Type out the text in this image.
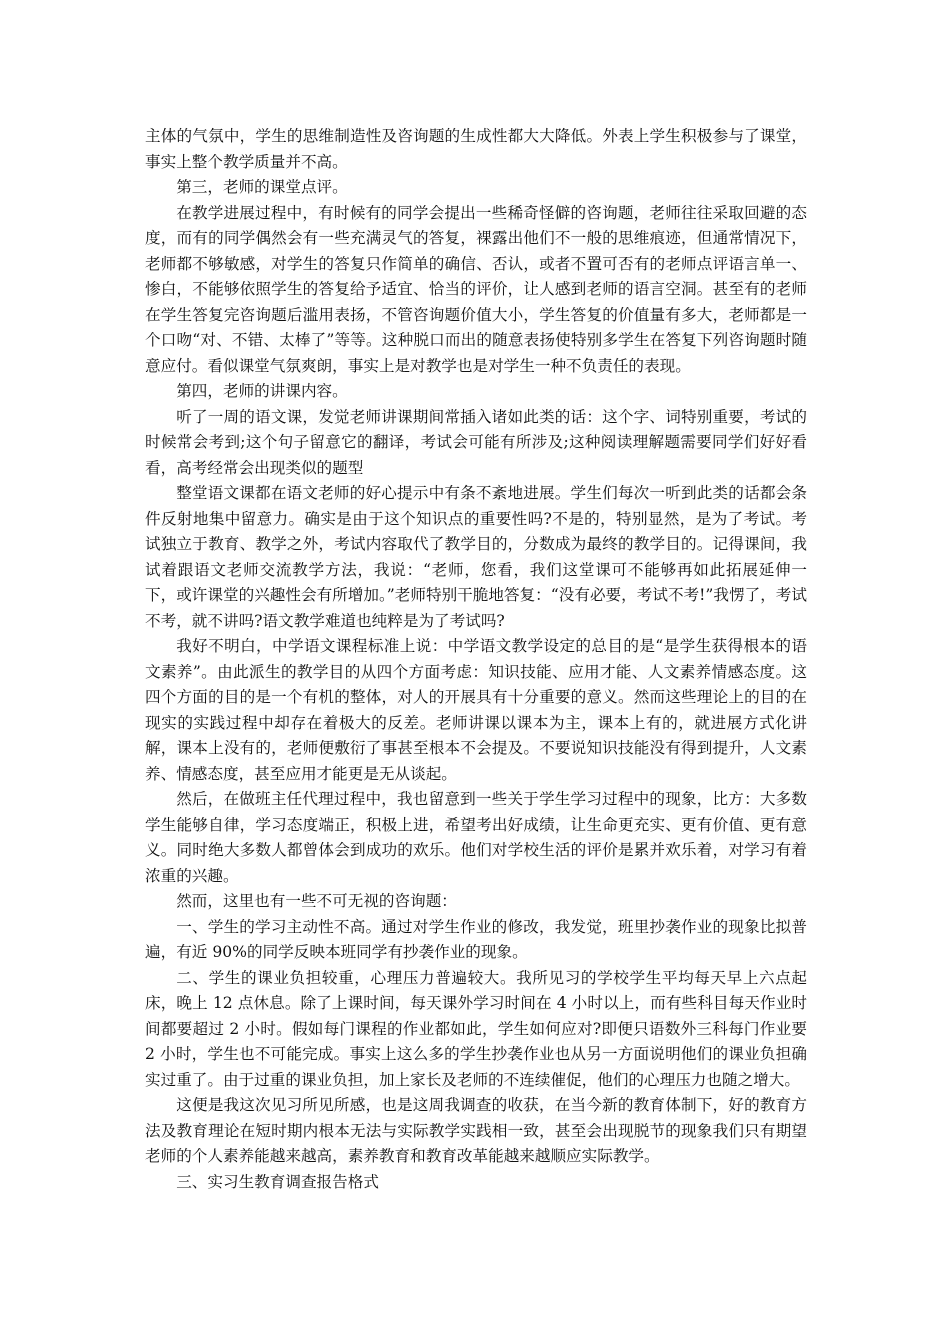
主体的气氛中，学生的思维制造性及咨询题的生成性都大大降低。外表上学生积极参与了课堂，事实上整个教学质量并不高。

第三，老师的课堂点评。

在教学进展过程中，有时候有的同学会提出一些稀奇怪僻的咨询题，老师往往采取回避的态度，而有的同学偶然会有一些充满灵气的答复，裸露出他们不一般的思维痕迹，但通常情况下，老师都不够敏感，对学生的答复只作简单的确信、否认，或者不置可否有的老师点评语言单一、惨白，不能够依照学生的答复给予适宜、恰当的评价，让人感到老师的语言空洞。甚至有的老师在学生答复完咨询题后滥用表扬，不管咨询题价值大小，学生答复的价值量有多大，老师都是一个口吻“对、不错、太棒了”等等。这种脱口而出的随意表扬使特别多学生在答复下列咨询题时随意应付。看似课堂气氛爽朗，事实上是对教学也是对学生一种不负责任的表现。

第四，老师的讲课内容。

听了一周的语文课，发觉老师讲课期间常插入诸如此类的话：这个字、词特别重要，考试的时候常会考到;这个句子留意它的翻译，考试会可能有所涉及;这种阅读理解题需要同学们好好看看，高考经常会出现类似的题型

整堂语文课都在语文老师的好心提示中有条不紊地进展。学生们每次一听到此类的话都会条件反射地集中留意力。确实是由于这个知识点的重要性吗?不是的，特别显然，是为了考试。考试独立于教育、教学之外，考试内容取代了教学目的，分数成为最终的教学目的。记得课间，我试着跟语文老师交流教学方法，我说：“老师，您看，我们这堂课可不能够再如此拓展延伸一下，或许课堂的兴趣性会有所增加。”老师特别干脆地答复：“没有必要，考试不考!”我愣了，考试不考，就不讲吗?语文教学难道也纯粹是为了考试吗?

我好不明白，中学语文课程标准上说：中学语文教学设定的总目的是“是学生获得根本的语文素养”。由此派生的教学目的从四个方面考虑：知识技能、应用才能、人文素养情感态度。这四个方面的目的是一个有机的整体，对人的开展具有十分重要的意义。然而这些理论上的目的在现实的实践过程中却存在着极大的反差。老师讲课以课本为主，课本上有的，就进展方式化讲解，课本上没有的，老师便敷衍了事甚至根本不会提及。不要说知识技能没有得到提升，人文素养、情感态度，甚至应用才能更是无从谈起。

然后，在做班主任代理过程中，我也留意到一些关于学生学习过程中的现象，比方：大多数学生能够自律，学习态度端正，积极上进，希望考出好成绩，让生命更充实、更有价值、更有意义。同时绝大多数人都曾体会到成功的欢乐。他们对学校生活的评价是累并欢乐着，对学习有着浓重的兴趣。

然而，这里也有一些不可无视的咨询题：

一、学生的学习主动性不高。通过对学生作业的修改，我发觉，班里抄袭作业的现象比拟普遍，有近 90%的同学反映本班同学有抄袭作业的现象。

二、学生的课业负担较重，心理压力普遍较大。我所见习的学校学生平均每天早上六点起床，晚上 12 点休息。除了上课时间，每天课外学习时间在 4 小时以上，而有些科目每天作业时间都要超过 2 小时。假如每门课程的作业都如此，学生如何应对?即便只语数外三科每门作业要 2 小时，学生也不可能完成。事实上这么多的学生抄袭作业也从另一方面说明他们的课业负担确实过重了。由于过重的课业负担，加上家长及老师的不连续催促，他们的心理压力也随之增大。

这便是我这次见习所见所感，也是这周我调查的收获，在当今新的教育体制下，好的教育方法及教育理论在短时期内根本无法与实际教学实践相一致，甚至会出现脱节的现象我们只有期望老师的个人素养能越来越高，素养教育和教育改革能越来越顺应实际教学。

三、实习生教育调查报告格式
